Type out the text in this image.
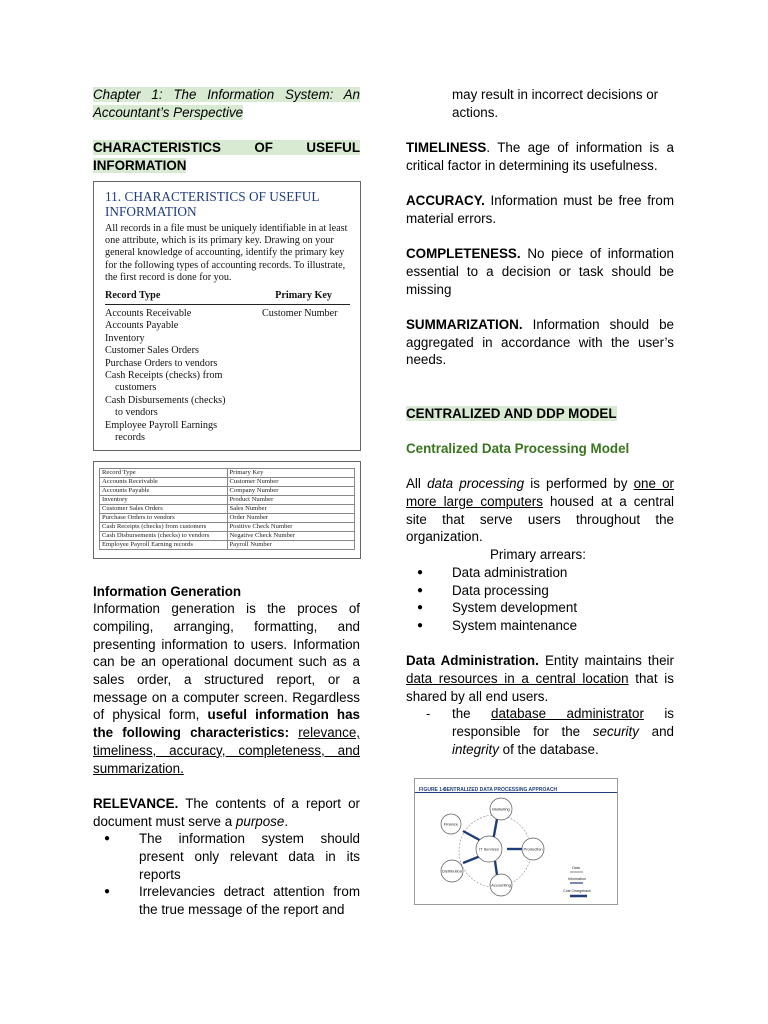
Chapter 1: The Information System: An Accountant’s Perspective

CHARACTERISTICS OF USEFUL INFORMATION

11. CHARACTERISTICS OF USEFUL INFORMATION
All records in a file must be uniquely identifiable in at least one attribute, which is its primary key. Drawing on your general knowledge of accounting, identify the primary key for the following types of accounting records. To illustrate, the first record is done for you.
Record Type	Primary Key
Accounts Receivable	Customer Number
Accounts Payable
Inventory
Customer Sales Orders
Purchase Orders to vendors
Cash Receipts (checks) from
customers
Cash Disbursements (checks)
to vendors
Employee Payroll Earnings
records
Record Type	Primary Key
Accounts Receivable	Customer Number
Accounts Payable	Company Number
Inventory	Product Number
Customer Sales Orders	Sales Number
Purchase Orders to vendors	Order Number
Cash Receipts (checks) from customers	Positive Check Number
Cash Disbursements (checks) to vendors	Negative Check Number
Employee Payroll Earning records	Payroll Number

Information Generation

Information generation is the proces of compiling, arranging, formatting, and presenting information to users. Information can be an operational document such as a sales order, a structured report, or a message on a computer screen. Regardless of physical form, useful information has the following characteristics: relevance, timeliness, accuracy, completeness, and summarization.

RELEVANCE. The contents of a report or document must serve a purpose.

● The information system should present only relevant data in its reports
● Irrelevancies detract attention from the true message of the report and

may result in incorrect decisions or actions.

TIMELINESS. The age of information is a critical factor in determining its usefulness.

ACCURACY. Information must be free from material errors.

COMPLETENESS. No piece of information essential to a decision or task should be missing

SUMMARIZATION. Information should be aggregated in accordance with the user’s needs.

CENTRALIZED AND DDP MODEL

Centralized Data Processing Model

All data processing is performed by one or more large computers housed at a central site that serve users throughout the organization.

Primary arrears:

● Data administration
● Data processing
● System development
● System maintenance

Data Administration. Entity maintains their data resources in a central location that is shared by all end users.

- the database administrator is responsible for the security and integrity of the database.
FIGURE 1-9
CENTRALIZED DATA PROCESSING APPROACH
Marketing
Finance
IT Services	Production
Distribution
Accounting
Data
Information
Cost Chargeback
